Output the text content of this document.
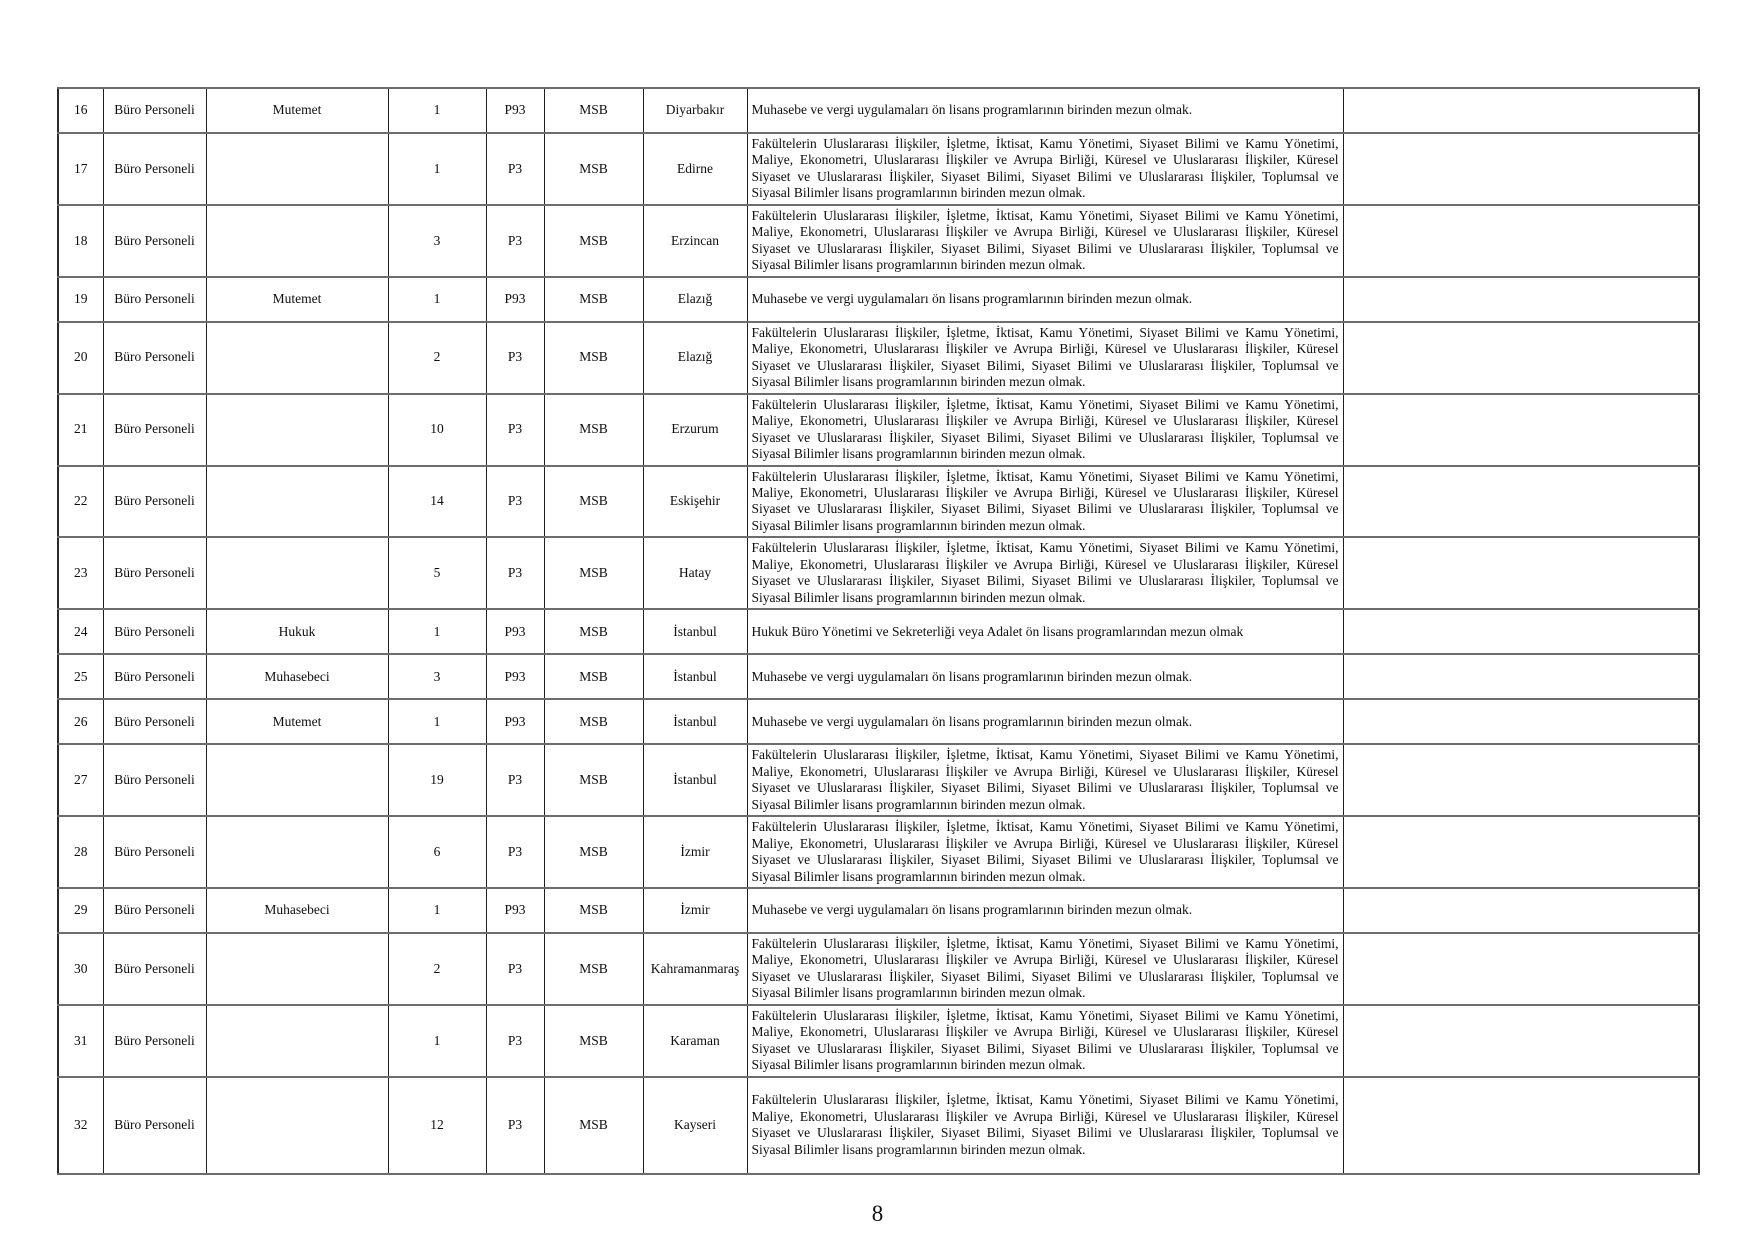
16	Büro Personeli	Mutemet	1	P93	MSB	Diyarbakır	Muhasebe ve vergi uygulamaları ön lisans programlarının birinden mezun olmak.	
17	Büro Personeli		1	P3	MSB	Edirne	Fakültelerin Uluslararası İlişkiler, İşletme, İktisat, Kamu Yönetimi, Siyaset Bilimi ve Kamu Yönetimi, Maliye, Ekonometri, Uluslararası İlişkiler ve Avrupa Birliği, Küresel ve Uluslararası İlişkiler, Küresel Siyaset ve Uluslararası İlişkiler, Siyaset Bilimi, Siyaset Bilimi ve Uluslararası İlişkiler, Toplumsal ve Siyasal Bilimler lisans programlarının birinden mezun olmak.	
18	Büro Personeli		3	P3	MSB	Erzincan	Fakültelerin Uluslararası İlişkiler, İşletme, İktisat, Kamu Yönetimi, Siyaset Bilimi ve Kamu Yönetimi, Maliye, Ekonometri, Uluslararası İlişkiler ve Avrupa Birliği, Küresel ve Uluslararası İlişkiler, Küresel Siyaset ve Uluslararası İlişkiler, Siyaset Bilimi, Siyaset Bilimi ve Uluslararası İlişkiler, Toplumsal ve Siyasal Bilimler lisans programlarının birinden mezun olmak.	
19	Büro Personeli	Mutemet	1	P93	MSB	Elazığ	Muhasebe ve vergi uygulamaları ön lisans programlarının birinden mezun olmak.	
20	Büro Personeli		2	P3	MSB	Elazığ	Fakültelerin Uluslararası İlişkiler, İşletme, İktisat, Kamu Yönetimi, Siyaset Bilimi ve Kamu Yönetimi, Maliye, Ekonometri, Uluslararası İlişkiler ve Avrupa Birliği, Küresel ve Uluslararası İlişkiler, Küresel Siyaset ve Uluslararası İlişkiler, Siyaset Bilimi, Siyaset Bilimi ve Uluslararası İlişkiler, Toplumsal ve Siyasal Bilimler lisans programlarının birinden mezun olmak.	
21	Büro Personeli		10	P3	MSB	Erzurum	Fakültelerin Uluslararası İlişkiler, İşletme, İktisat, Kamu Yönetimi, Siyaset Bilimi ve Kamu Yönetimi, Maliye, Ekonometri, Uluslararası İlişkiler ve Avrupa Birliği, Küresel ve Uluslararası İlişkiler, Küresel Siyaset ve Uluslararası İlişkiler, Siyaset Bilimi, Siyaset Bilimi ve Uluslararası İlişkiler, Toplumsal ve Siyasal Bilimler lisans programlarının birinden mezun olmak.	
22	Büro Personeli		14	P3	MSB	Eskişehir	Fakültelerin Uluslararası İlişkiler, İşletme, İktisat, Kamu Yönetimi, Siyaset Bilimi ve Kamu Yönetimi, Maliye, Ekonometri, Uluslararası İlişkiler ve Avrupa Birliği, Küresel ve Uluslararası İlişkiler, Küresel Siyaset ve Uluslararası İlişkiler, Siyaset Bilimi, Siyaset Bilimi ve Uluslararası İlişkiler, Toplumsal ve Siyasal Bilimler lisans programlarının birinden mezun olmak.	
23	Büro Personeli		5	P3	MSB	Hatay	Fakültelerin Uluslararası İlişkiler, İşletme, İktisat, Kamu Yönetimi, Siyaset Bilimi ve Kamu Yönetimi, Maliye, Ekonometri, Uluslararası İlişkiler ve Avrupa Birliği, Küresel ve Uluslararası İlişkiler, Küresel Siyaset ve Uluslararası İlişkiler, Siyaset Bilimi, Siyaset Bilimi ve Uluslararası İlişkiler, Toplumsal ve Siyasal Bilimler lisans programlarının birinden mezun olmak.	
24	Büro Personeli	Hukuk	1	P93	MSB	İstanbul	Hukuk Büro Yönetimi ve Sekreterliği veya Adalet ön lisans programlarından mezun olmak	
25	Büro Personeli	Muhasebeci	3	P93	MSB	İstanbul	Muhasebe ve vergi uygulamaları ön lisans programlarının birinden mezun olmak.	
26	Büro Personeli	Mutemet	1	P93	MSB	İstanbul	Muhasebe ve vergi uygulamaları ön lisans programlarının birinden mezun olmak.	
27	Büro Personeli		19	P3	MSB	İstanbul	Fakültelerin Uluslararası İlişkiler, İşletme, İktisat, Kamu Yönetimi, Siyaset Bilimi ve Kamu Yönetimi, Maliye, Ekonometri, Uluslararası İlişkiler ve Avrupa Birliği, Küresel ve Uluslararası İlişkiler, Küresel Siyaset ve Uluslararası İlişkiler, Siyaset Bilimi, Siyaset Bilimi ve Uluslararası İlişkiler, Toplumsal ve Siyasal Bilimler lisans programlarının birinden mezun olmak.	
28	Büro Personeli		6	P3	MSB	İzmir	Fakültelerin Uluslararası İlişkiler, İşletme, İktisat, Kamu Yönetimi, Siyaset Bilimi ve Kamu Yönetimi, Maliye, Ekonometri, Uluslararası İlişkiler ve Avrupa Birliği, Küresel ve Uluslararası İlişkiler, Küresel Siyaset ve Uluslararası İlişkiler, Siyaset Bilimi, Siyaset Bilimi ve Uluslararası İlişkiler, Toplumsal ve Siyasal Bilimler lisans programlarının birinden mezun olmak.	
29	Büro Personeli	Muhasebeci	1	P93	MSB	İzmir	Muhasebe ve vergi uygulamaları ön lisans programlarının birinden mezun olmak.	
30	Büro Personeli		2	P3	MSB	Kahramanmaraş	Fakültelerin Uluslararası İlişkiler, İşletme, İktisat, Kamu Yönetimi, Siyaset Bilimi ve Kamu Yönetimi, Maliye, Ekonometri, Uluslararası İlişkiler ve Avrupa Birliği, Küresel ve Uluslararası İlişkiler, Küresel Siyaset ve Uluslararası İlişkiler, Siyaset Bilimi, Siyaset Bilimi ve Uluslararası İlişkiler, Toplumsal ve Siyasal Bilimler lisans programlarının birinden mezun olmak.	
31	Büro Personeli		1	P3	MSB	Karaman	Fakültelerin Uluslararası İlişkiler, İşletme, İktisat, Kamu Yönetimi, Siyaset Bilimi ve Kamu Yönetimi, Maliye, Ekonometri, Uluslararası İlişkiler ve Avrupa Birliği, Küresel ve Uluslararası İlişkiler, Küresel Siyaset ve Uluslararası İlişkiler, Siyaset Bilimi, Siyaset Bilimi ve Uluslararası İlişkiler, Toplumsal ve Siyasal Bilimler lisans programlarının birinden mezun olmak.	
32	Büro Personeli		12	P3	MSB	Kayseri	Fakültelerin Uluslararası İlişkiler, İşletme, İktisat, Kamu Yönetimi, Siyaset Bilimi ve Kamu Yönetimi, Maliye, Ekonometri, Uluslararası İlişkiler ve Avrupa Birliği, Küresel ve Uluslararası İlişkiler, Küresel Siyaset ve Uluslararası İlişkiler, Siyaset Bilimi, Siyaset Bilimi ve Uluslararası İlişkiler, Toplumsal ve Siyasal Bilimler lisans programlarının birinden mezun olmak.	
8
